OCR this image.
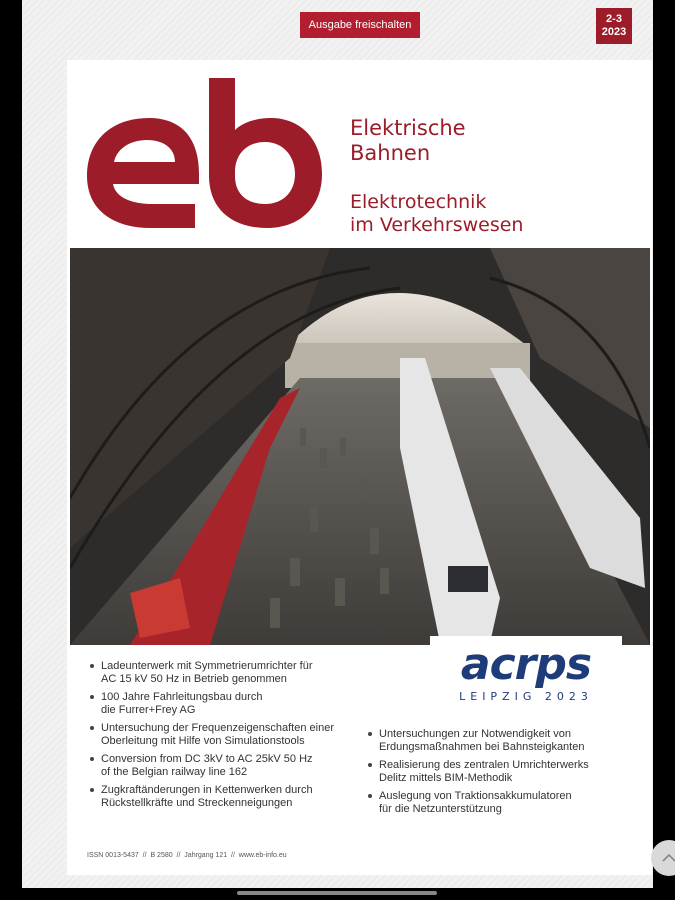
Ausgabe freischalten	2-3
2023
Elektrische
Bahnen
Elektrotechnik
im Verkehrswesen
acrps
LEIPZIG 2023
Ladeunterwerk mit Symmetrierumrichter für
AC 15 kV 50 Hz in Betrieb genommen
100 Jahre Fahrleitungsbau durch
die Furrer+Frey AG
Untersuchung der Frequenzeigenschaften einer
Oberleitung mit Hilfe von Simulationstools
Conversion from DC 3kV to AC 25kV 50 Hz
of the Belgian railway line 162
Zugkraftänderungen in Kettenwerken durch
Rückstellkräfte und Streckenneigungen
Untersuchungen zur Notwendigkeit von
Erdungsmaßnahmen bei Bahnsteigkanten
Realisierung des zentralen Umrichterwerks
Delitz mittels BIM-Methodik
Auslegung von Traktionsakkumulatoren
für die Netzunterstützung
ISSN 0013-5437  //  B 2580  //  Jahrgang 121  //  www.eb-info.eu
